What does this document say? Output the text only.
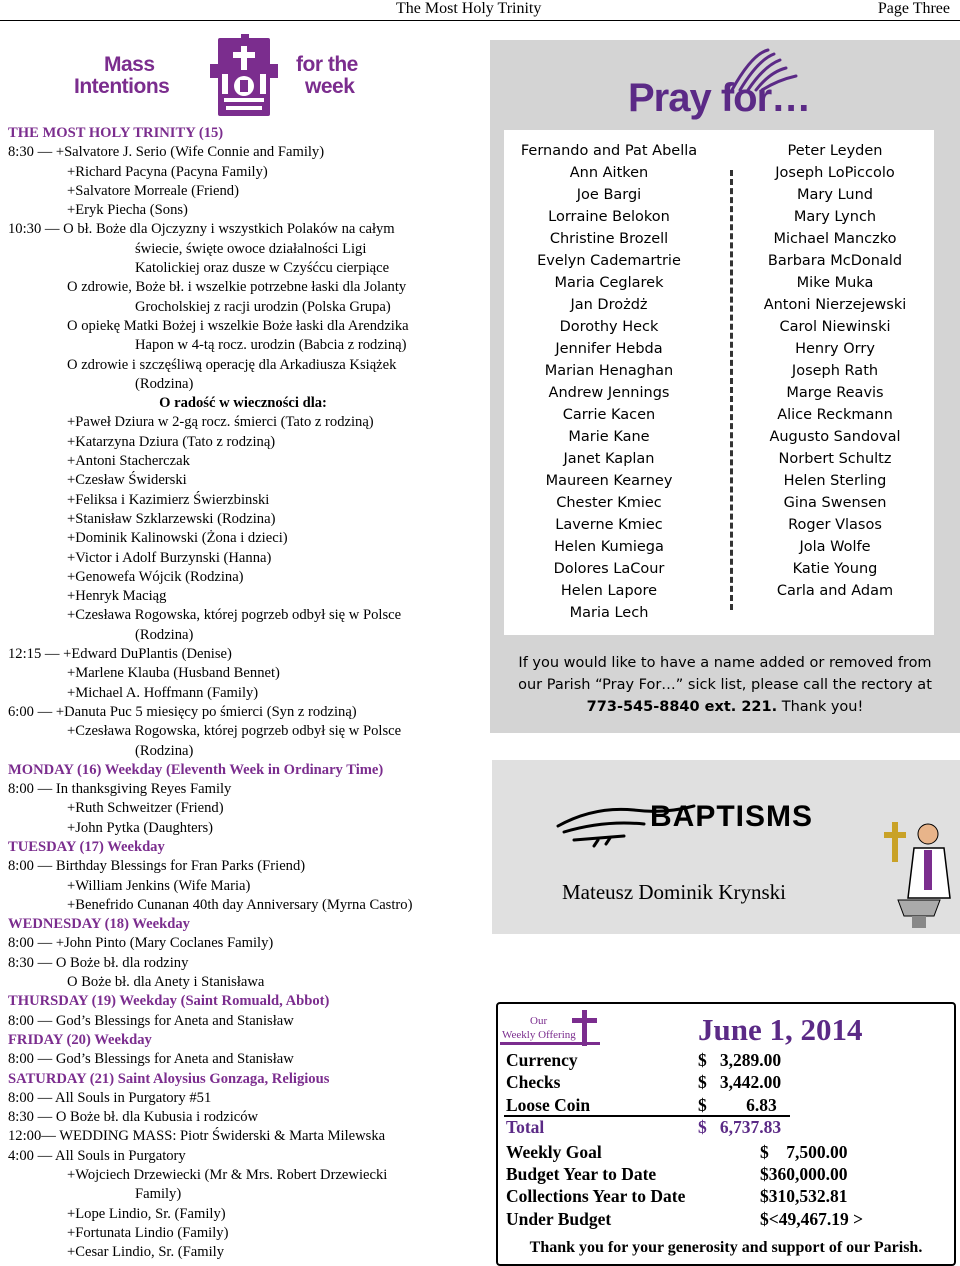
The Most Holy Trinity	Page Three
Mass
Intentions
for the
week
THE MOST HOLY TRINITY (15)
8:30 — +Salvatore J. Serio (Wife Connie and Family)
+Richard Pacyna (Pacyna Family)
+Salvatore Morreale (Friend)
+Eryk Piecha (Sons)
10:30 — O bł. Boże dla Ojczyzny i wszystkich Polaków na całym
świecie, święte owoce działalności Ligi
Katolickiej oraz dusze w Czyśćcu cierpiące
O zdrowie, Boże bł. i wszelkie potrzebne łaski dla Jolanty
Grocholskiej z racji urodzin (Polska Grupa)
O opiekę Matki Bożej i wszelkie Boże łaski dla Arendzika
Hapon w 4-tą rocz. urodzin (Babcia z rodziną)
O zdrowie i szczęśliwą operację dla Arkadiusza Książek
(Rodzina)
O radość w wieczności dla:
+Paweł Dziura w 2-gą rocz. śmierci (Tato z rodziną)
+Katarzyna Dziura (Tato z rodziną)
+Antoni Stacherczak
+Czesław Świderski
+Feliksa i Kazimierz Świerzbinski
+Stanisław Szklarzewski (Rodzina)
+Dominik Kalinowski (Żona i dzieci)
+Victor i Adolf Burzynski (Hanna)
+Genowefa Wójcik (Rodzina)
+Henryk Maciąg
+Czesława Rogowska, której pogrzeb odbył się w Polsce
(Rodzina)
12:15 — +Edward DuPlantis (Denise)
+Marlene Klauba (Husband Bennet)
+Michael A. Hoffmann (Family)
6:00 — +Danuta Puc 5 miesięcy po śmierci (Syn z rodziną)
+Czesława Rogowska, której pogrzeb odbył się w Polsce
(Rodzina)
MONDAY (16) Weekday (Eleventh Week in Ordinary Time)
8:00 — In thanksgiving Reyes Family
+Ruth Schweitzer (Friend)
+John Pytka (Daughters)
TUESDAY (17) Weekday
8:00 — Birthday Blessings for Fran Parks (Friend)
+William Jenkins (Wife Maria)
+Benefrido Cunanan 40th day Anniversary (Myrna Castro)
WEDNESDAY (18) Weekday
8:00 — +John Pinto (Mary Coclanes Family)
8:30 — O Boże bł. dla rodziny
O Boże bł. dla Anety i Stanisława
THURSDAY (19) Weekday (Saint Romuald, Abbot)
8:00 — God’s Blessings for Aneta and Stanisław
FRIDAY (20) Weekday
8:00 — God’s Blessings for Aneta and Stanisław
SATURDAY (21) Saint Aloysius Gonzaga, Religious
8:00 — All Souls in Purgatory #51
8:30 — O Boże bł. dla Kubusia i rodziców
12:00— WEDDING MASS: Piotr Świderski & Marta Milewska
4:00 — All Souls in Purgatory
+Wojciech Drzewiecki (Mr & Mrs. Robert Drzewiecki
Family)
+Lope Lindio, Sr. (Family)
+Fortunata Lindio (Family)
+Cesar Lindio, Sr. (Family
Pray for…
Fernando and Pat Abella
Ann Aitken
Joe Bargi
Lorraine Belokon
Christine Brozell
Evelyn Cademartrie
Maria Ceglarek
Jan Drożdż
Dorothy Heck
Jennifer Hebda
Marian Henaghan
Andrew Jennings
Carrie Kacen
Marie Kane
Janet Kaplan
Maureen Kearney
Chester Kmiec
Laverne Kmiec
Helen Kumiega
Dolores LaCour
Helen Lapore
Maria Lech
Peter Leyden
Joseph LoPiccolo
Mary Lund
Mary Lynch
Michael Manczko
Barbara McDonald
Mike Muka
Antoni Nierzejewski
Carol Niewinski
Henry Orry
Joseph Rath
Marge Reavis
Alice Reckmann
Augusto Sandoval
Norbert Schultz
Helen Sterling
Gina Swensen
Roger Vlasos
Jola Wolfe
Katie Young
Carla and Adam
If you would like to have a name added or removed from
our Parish “Pray For…” sick list, please call the rectory at
773-545-8840 ext. 221. Thank you!
BAPTISMS
Mateusz Dominik Krynski
Our
Weekly Offering	June 1, 2014
Currency	$   3,289.00
Checks	$   3,442.00
Loose Coin	$         6.83
Total	$   6,737.83
Weekly Goal	$    7,500.00
Budget Year to Date	$360,000.00
Collections Year to Date	$310,532.81
Under Budget	$<49,467.19 >
Thank you for your generosity and support of our Parish.
